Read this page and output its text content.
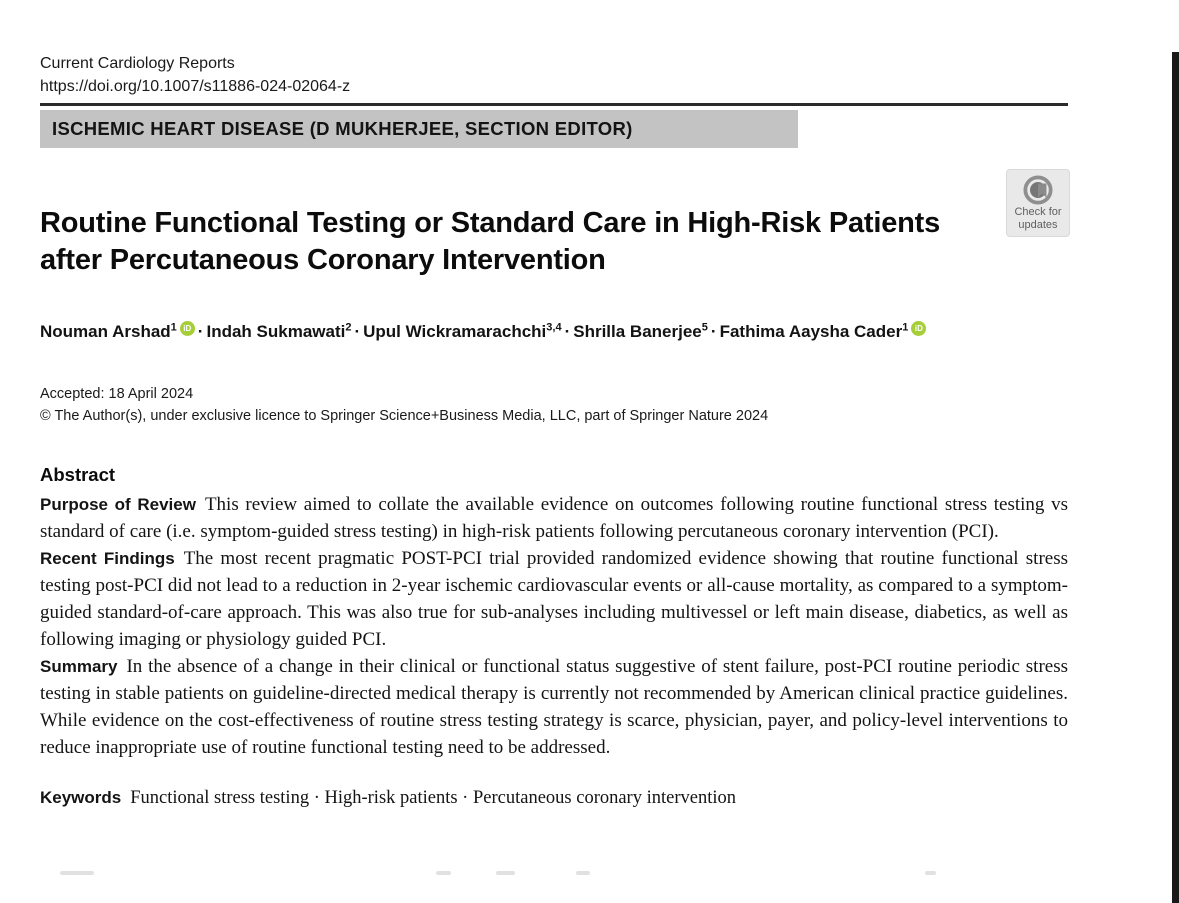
Current Cardiology Reports
https://doi.org/10.1007/s11886-024-02064-z
ISCHEMIC HEART DISEASE (D MUKHERJEE, SECTION EDITOR)
Routine Functional Testing or Standard Care in High-Risk Patients
after Percutaneous Coronary Intervention
Nouman Arshad$^1$ iD · Indah Sukmawati$^2$ · Upul Wickramarachchi$^{3,4}$ · Shrilla Banerjee$^5$ · Fathima Aaysha Cader$^1$ iD
Accepted: 18 April 2024
© The Author(s), under exclusive licence to Springer Science+Business Media, LLC, part of Springer Nature 2024
Abstract

Purpose of Review This review aimed to collate the available evidence on outcomes following routine functional stress testing vs standard of care (i.e. symptom-guided stress testing) in high-risk patients following percutaneous coronary intervention (PCI).

Recent Findings The most recent pragmatic POST-PCI trial provided randomized evidence showing that routine functional stress testing post-PCI did not lead to a reduction in 2-year ischemic cardiovascular events or all-cause mortality, as compared to a symptom-guided standard-of-care approach. This was also true for sub-analyses including multivessel or left main disease, diabetics, as well as following imaging or physiology guided PCI.

Summary In the absence of a change in their clinical or functional status suggestive of stent failure, post-PCI routine periodic stress testing in stable patients on guideline-directed medical therapy is currently not recommended by American clinical practice guidelines. While evidence on the cost-effectiveness of routine stress testing strategy is scarce, physician, payer, and policy-level interventions to reduce inappropriate use of routine functional testing need to be addressed.

Keywords Functional stress testing · High-risk patients · Percutaneous coronary intervention
Check for
updates
